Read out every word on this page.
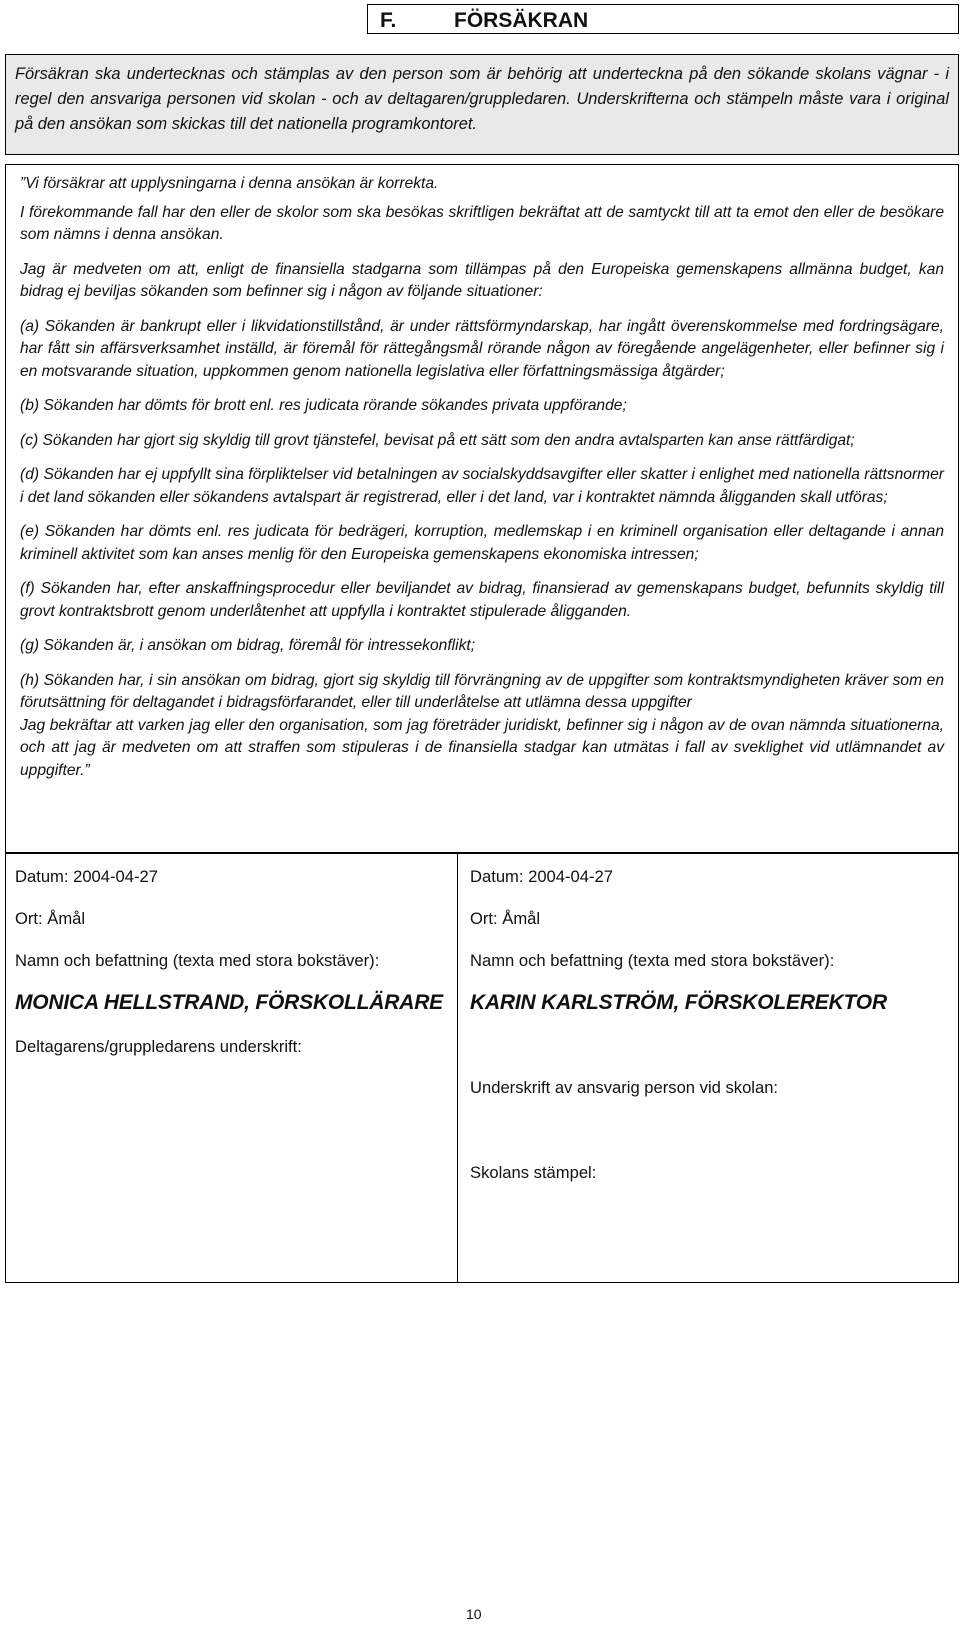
F.	FÖRSÄKRAN
Försäkran ska undertecknas och stämplas av den person som är behörig att underteckna på den sökande skolans vägnar - i regel den ansvariga personen vid skolan - och av deltagaren/gruppledaren. Underskrifterna och stämpeln måste vara i original på den ansökan som skickas till det nationella programkontoret.

”Vi försäkrar att upplysningarna i denna ansökan är korrekta.

I förekommande fall har den eller de skolor som ska besökas skriftligen bekräftat att de samtyckt till att ta emot den eller de besökare som nämns i denna ansökan.

Jag är medveten om att, enligt de finansiella stadgarna som tillämpas på den Europeiska gemenskapens allmänna budget, kan bidrag ej beviljas sökanden som befinner sig i någon av följande situationer:

(a) Sökanden är bankrupt eller i likvidationstillstånd, är under rättsförmyndarskap, har ingått överenskommelse med fordringsägare, har fått sin affärsverksamhet inställd, är föremål för rättegångsmål rörande någon av föregående angelägenheter, eller befinner sig i en motsvarande situation, uppkommen genom nationella legislativa eller författningsmässiga åtgärder;

(b) Sökanden har dömts för brott enl. res judicata rörande sökandes privata uppförande;

(c) Sökanden har gjort sig skyldig till grovt tjänstefel, bevisat på ett sätt som den andra avtalsparten kan anse rättfärdigat;

(d) Sökanden har ej uppfyllt sina förpliktelser vid betalningen av socialskyddsavgifter eller skatter i enlighet med nationella rättsnormer i det land sökanden eller sökandens avtalspart är registrerad, eller i det land, var i kontraktet nämnda åligganden skall utföras;

(e) Sökanden har dömts enl. res judicata för bedrägeri, korruption, medlemskap i en kriminell organisation eller deltagande i annan kriminell aktivitet som kan anses menlig för den Europeiska gemenskapens ekonomiska intressen;

(f) Sökanden har, efter anskaffningsprocedur eller beviljandet av bidrag, finansierad av gemenskapans budget, befunnits skyldig till grovt kontraktsbrott genom underlåtenhet att uppfylla i kontraktet stipulerade åligganden.

(g) Sökanden är, i ansökan om bidrag, föremål för intressekonflikt;

(h) Sökanden har, i sin ansökan om bidrag, gjort sig skyldig till förvrängning av de uppgifter som kontraktsmyndigheten kräver som en förutsättning för deltagandet i bidragsförfarandet, eller till underlåtelse att utlämna dessa uppgifter

Jag bekräftar att varken jag eller den organisation, som jag företräder juridiskt, befinner sig i någon av de ovan nämnda situationerna, och att jag är medveten om att straffen som stipuleras i de finansiella stadgar kan utmätas i fall av sveklighet vid utlämnandet av uppgifter.”

Datum: 2004-04-27
Ort: Åmål
Namn och befattning (texta med stora bokstäver):
MONICA HELLSTRAND, FÖRSKOLLÄRARE
Deltagarens/gruppledarens underskrift:
Datum: 2004-04-27
Ort: Åmål
Namn och befattning (texta med stora bokstäver):
KARIN KARLSTRÖM, FÖRSKOLEREKTOR
Underskrift av ansvarig person vid skolan:
Skolans stämpel:
10
